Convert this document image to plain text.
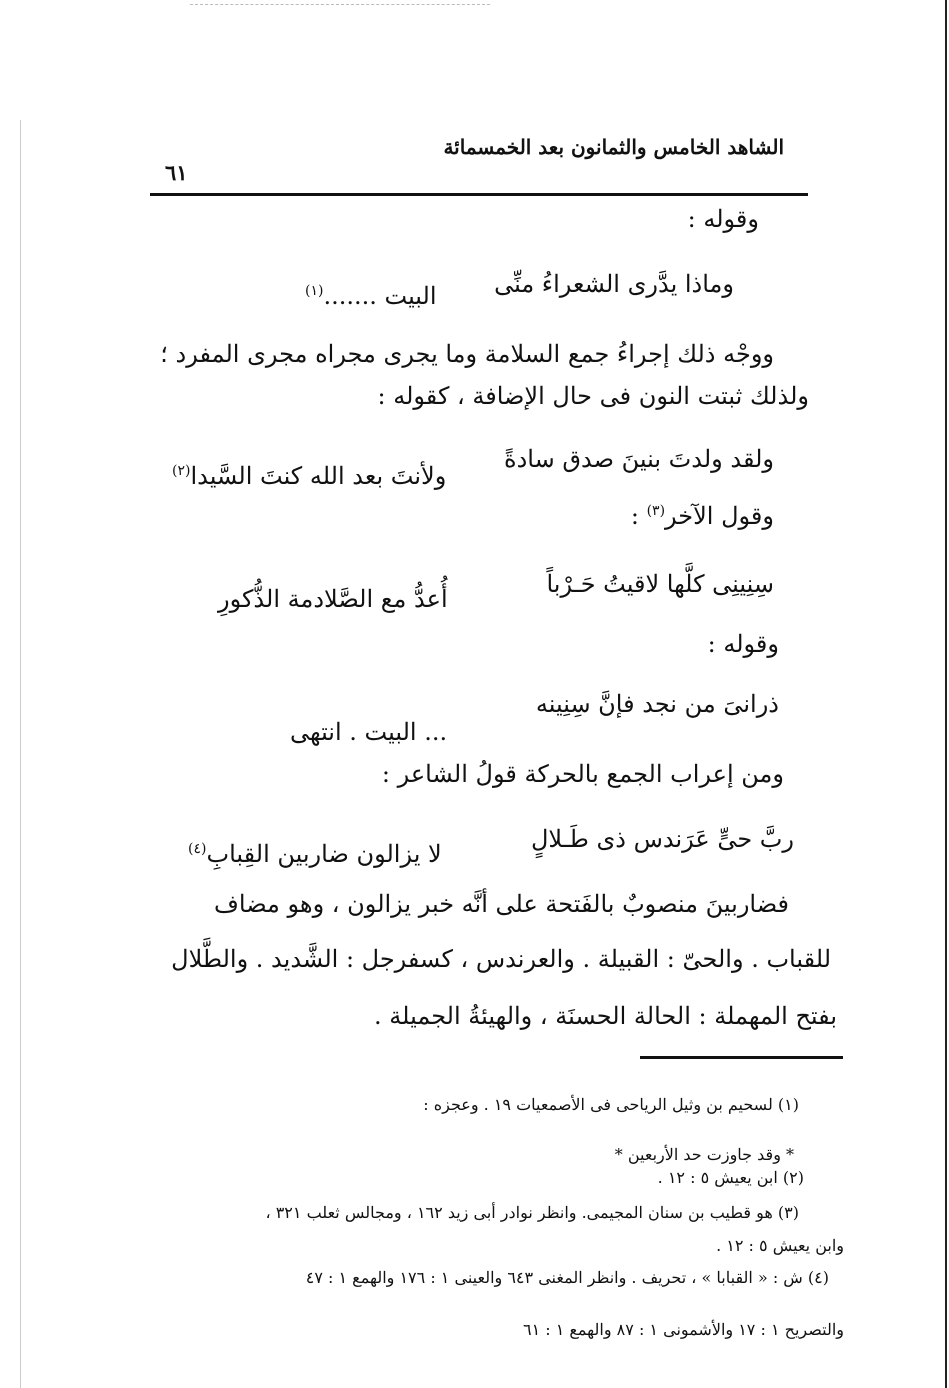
الشاهد الخامس والثمانون بعد الخمسمائة
٦١
وقوله :
وماذا يدَّرى الشعراءُ منِّى
$^{(١)}$....... البيت
ووجْه ذلك إجراءُ جمع السلامة وما يجرى مجراه مجرى المفرد ؛
ولذلك ثبتت النون فى حال الإضافة ، كقوله :
ولقد ولدتَ بنينَ صدق سادةً
$^{(٢)}$ولأنتَ بعد الله كنتَ السَّيدا
وقول الآخر$^{(٣)}$ :
سِنِينِى كلَّها لاقيتُ حَـرْباً
أُعدُّ مع الصَّلادمة الذُّكورِ
وقوله :
ذرانىَ من نجد فإنَّ سِنِينه
... البيت . انتهى
ومن إعراب الجمع بالحركة قولُ الشاعر :
ربَّ حىٍّ عَرَندس ذى طَـلالٍ
$^{(٤)}$لا يزالون ضاربين القِبابِ
فضاربينَ منصوبٌ بالفَتحة على أنَّه خبر يزالون ، وهو مضاف
للقباب . والحىّ : القبيلة . والعرندس ، كسفرجل : الشَّديد . والطَّلال
بفتح المهملة : الحالة الحسنَة ، والهيئةُ الجميلة .
(١) لسحيم بن وثيل الرياحى فى الأصمعيات ١٩ . وعجزه :
* وقد جاوزت حد الأربعين *
(٢) ابن يعيش ٥ : ١٢ .
(٣) هو قطيب بن سنان المجيمى. وانظر نوادر أبى زيد ١٦٢ ، ومجالس ثعلب ٣٢١ ،
وابن يعيش ٥ : ١٢ .
(٤) ش : « القبابا » ، تحريف . وانظر المغنى ٦٤٣ والعينى ١ : ١٧٦ والهمع ١ : ٤٧
والتصريح ١ : ١٧ والأشمونى ١ : ٨٧ والهمع ١ : ٦١
